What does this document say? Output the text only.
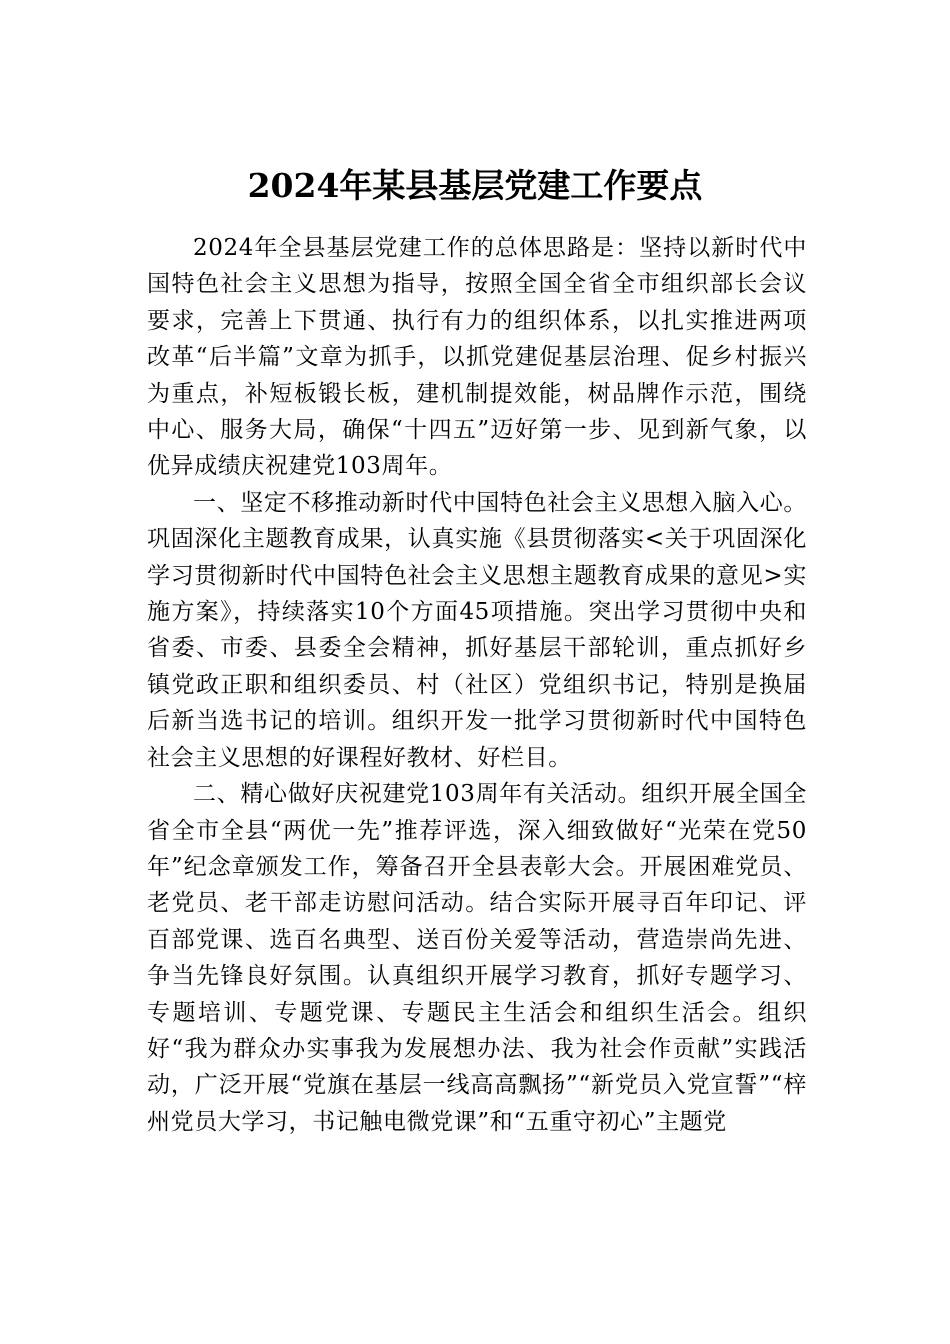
2024年某县基层党建工作要点

2024年全县基层党建工作的总体思路是：坚持以新时代中国特色社会主义思想为指导，按照全国全省全市组织部长会议要求，完善上下贯通、执行有力的组织体系，以扎实推进两项改革“后半篇”文章为抓手，以抓党建促基层治理、促乡村振兴为重点，补短板锻长板，建机制提效能，树品牌作示范，围绕中心、服务大局，确保“十四五”迈好第一步、见到新气象，以优异成绩庆祝建党103周年。

一、坚定不移推动新时代中国特色社会主义思想入脑入心。巩固深化主题教育成果，认真实施《县贯彻落实<关于巩固深化学习贯彻新时代中国特色社会主义思想主题教育成果的意见>实施方案》，持续落实10个方面45项措施。突出学习贯彻中央和省委、市委、县委全会精神，抓好基层干部轮训，重点抓好乡镇党政正职和组织委员、村（社区）党组织书记，特别是换届后新当选书记的培训。组织开发一批学习贯彻新时代中国特色社会主义思想的好课程好教材、好栏目。

二、精心做好庆祝建党103周年有关活动。组织开展全国全省全市全县“两优一先”推荐评选，深入细致做好“光荣在党50年”纪念章颁发工作，筹备召开全县表彰大会。开展困难党员、老党员、老干部走访慰问活动。结合实际开展寻百年印记、评百部党课、选百名典型、送百份关爱等活动，营造崇尚先进、争当先锋良好氛围。认真组织开展学习教育，抓好专题学习、专题培训、专题党课、专题民主生活会和组织生活会。组织好“我为群众办实事我为发展想办法、我为社会作贡献”实践活动，广泛开展“党旗在基层一线高高飘扬”“新党员入党宣誓”“梓州党员大学习，书记触电微党课”和“五重守初心”主题党
